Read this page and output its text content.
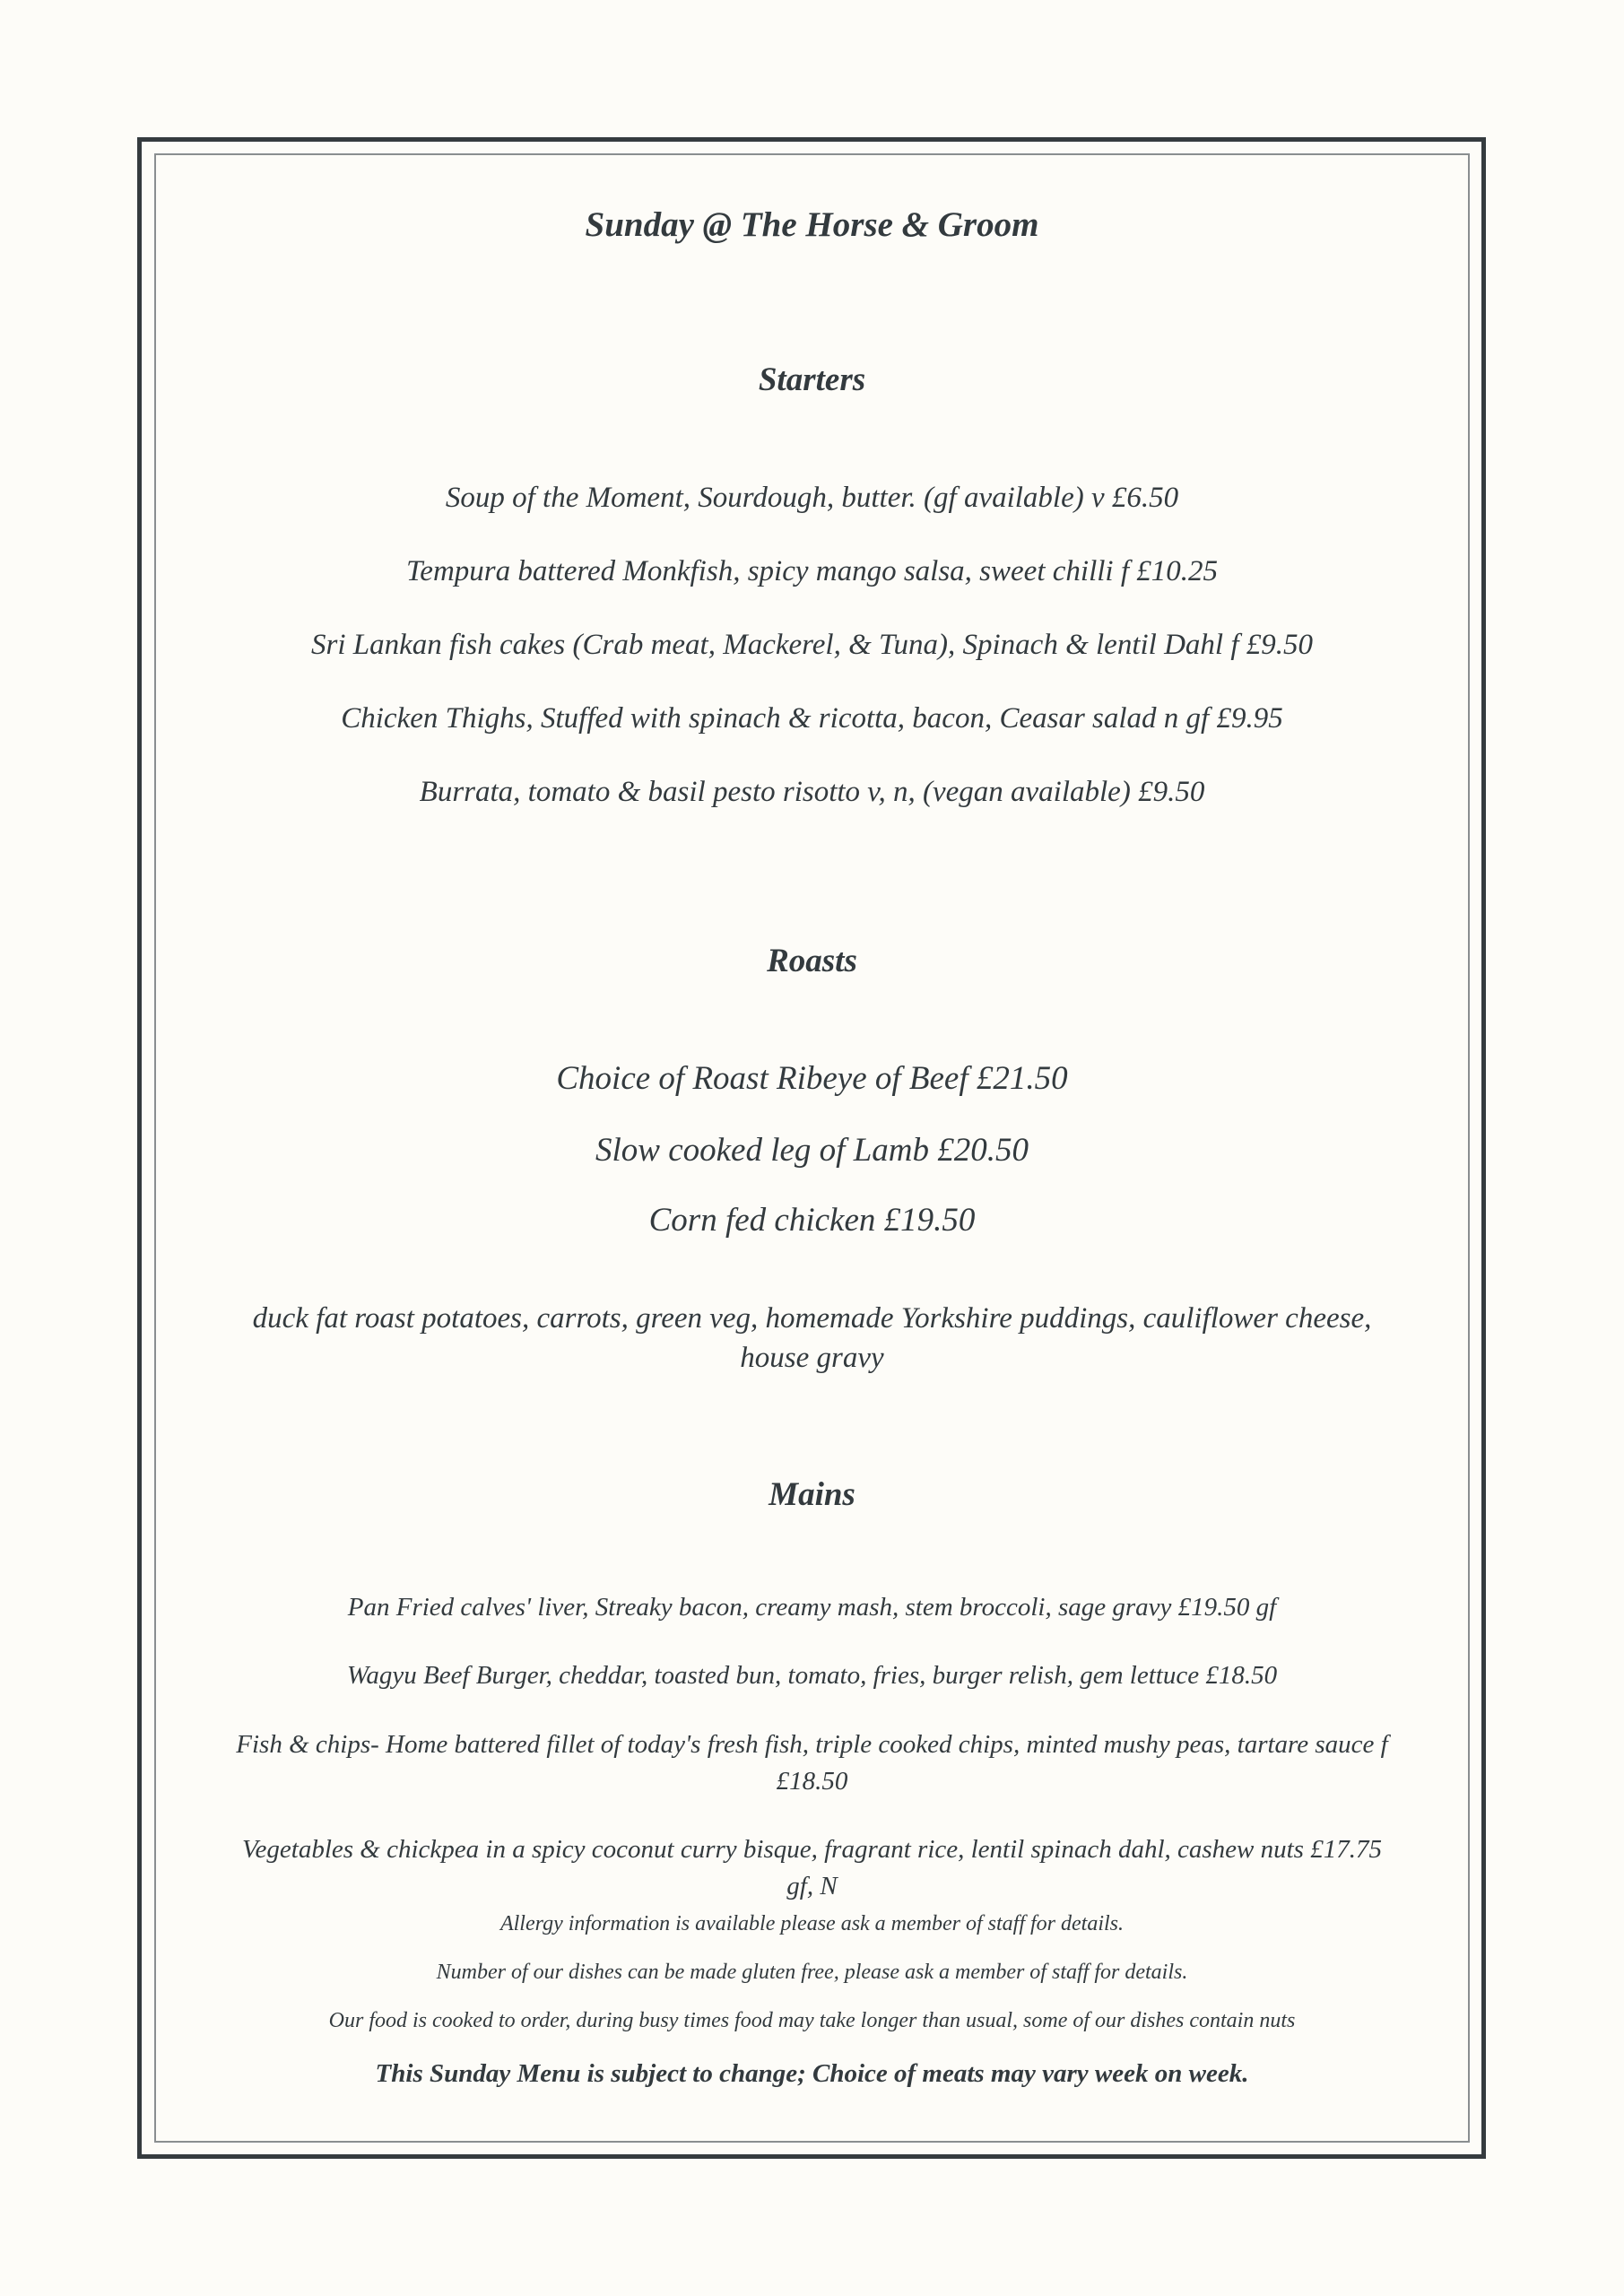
Sunday @ The Horse & Groom
Starters
Soup of the Moment, Sourdough, butter. (gf available) v £6.50
Tempura battered Monkfish, spicy mango salsa, sweet chilli f £10.25
Sri Lankan fish cakes (Crab meat, Mackerel, & Tuna), Spinach & lentil Dahl f £9.50
Chicken Thighs, Stuffed with spinach & ricotta, bacon, Ceasar salad n gf £9.95
Burrata, tomato & basil pesto risotto v, n, (vegan available) £9.50
Roasts
Choice of Roast Ribeye of Beef £21.50
Slow cooked leg of Lamb £20.50
Corn fed chicken £19.50
duck fat roast potatoes, carrots, green veg, homemade Yorkshire puddings, cauliflower cheese, house gravy
Mains
Pan Fried calves' liver, Streaky bacon, creamy mash, stem broccoli, sage gravy £19.50 gf
Wagyu Beef Burger, cheddar, toasted bun, tomato, fries, burger relish, gem lettuce £18.50
Fish & chips- Home battered fillet of today's fresh fish, triple cooked chips, minted mushy peas, tartare sauce f £18.50
Vegetables & chickpea in a spicy coconut curry bisque, fragrant rice, lentil spinach dahl, cashew nuts £17.75 gf, N
Allergy information is available please ask a member of staff for details.
Number of our dishes can be made gluten free, please ask a member of staff for details.
Our food is cooked to order, during busy times food may take longer than usual, some of our dishes contain nuts
This Sunday Menu is subject to change; Choice of meats may vary week on week.
